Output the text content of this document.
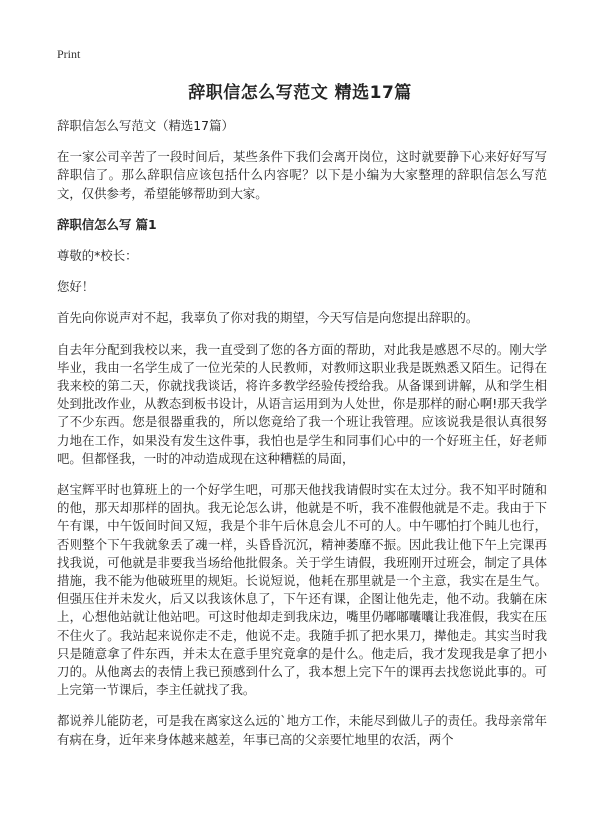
Print
辞职信怎么写范文 精选17篇

辞职信怎么写范文（精选17篇）

在一家公司辛苦了一段时间后，某些条件下我们会离开岗位，这时就要静下心来好好写写辞职信了。那么辞职信应该包括什么内容呢？以下是小编为大家整理的辞职信怎么写范文，仅供参考，希望能够帮助到大家。

辞职信怎么写 篇1

尊敬的*校长：

您好！

首先向你说声对不起，我辜负了你对我的期望，今天写信是向您提出辞职的。

自去年分配到我校以来，我一直受到了您的各方面的帮助，对此我是感恩不尽的。刚大学毕业，我由一名学生成了一位光荣的人民教师，对教师这职业我是既熟悉又陌生。记得在我来校的第二天，你就找我谈话，将许多教学经验传授给我。从备课到讲解，从和学生相处到批改作业，从教态到板书设计，从语言运用到为人处世，你是那样的耐心啊!那天我学了不少东西。您是很器重我的，所以您竟给了我一个班让我管理。应该说我是很认真很努力地在工作，如果没有发生这件事，我怕也是学生和同事们心中的一个好班主任，好老师吧。但都怪我，一时的冲动造成现在这种糟糕的局面，

赵宝辉平时也算班上的一个好学生吧，可那天他找我请假时实在太过分。我不知平时随和的他，那天却那样的固执。我无论怎么讲，他就是不听，我不准假他就是不走。我由于下午有课，中午饭间时间又短，我是个非午后休息会儿不可的人。中午哪怕打个盹儿也行，否则整个下午我就象丢了魂一样，头昏昏沉沉，精神萎靡不振。因此我让他下午上完课再找我说，可他就是非要我当场给他批假条。关于学生请假，我班刚开过班会，制定了具体措施，我不能为他破班里的规矩。长说短说，他耗在那里就是一个主意，我实在是生气。但强压住并未发火，后又以我该休息了，下午还有课，企图让他先走，他不动。我躺在床上，心想他站就让他站吧。可这时他却走到我床边，嘴里仍嘟嘟囔囔让我准假，我实在压不住火了。我站起来说你走不走，他说不走。我随手抓了把水果刀，撵他走。其实当时我只是随意拿了件东西，并未太在意手里究竟拿的是什么。他走后，我才发现我是拿了把小刀的。从他离去的表情上我已预感到什么了，我本想上完下午的课再去找您说此事的。可上完第一节课后，李主任就找了我。

都说养儿能防老，可是我在离家这么远的`地方工作，未能尽到做儿子的责任。我母亲常年有病在身，近年来身体越来越差，年事已高的父亲要忙地里的农活，两个
